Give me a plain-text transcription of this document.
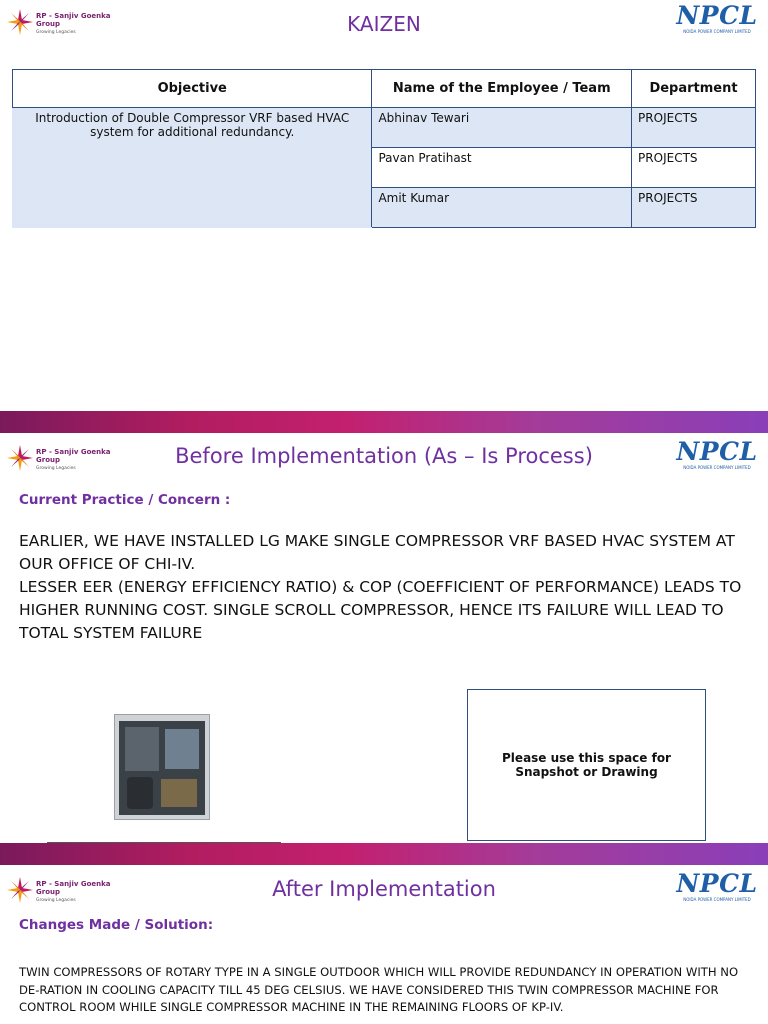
RP - Sanjiv Goenka Group
Growing Legacies	KAIZEN	NPCL
NOIDA POWER COMPANY LIMITED
Objective	Name of the Employee / Team	Department
Introduction of Double Compressor VRF based HVAC system for additional redundancy.	Abhinav Tewari	PROJECTS
	Pavan Pratihast	PROJECTS
	Amit Kumar	PROJECTS
RP - Sanjiv Goenka Group
Growing Legacies
Before Implementation (As – Is Process)	NPCL
NOIDA POWER COMPANY LIMITED
Current Practice / Concern :
EARLIER, WE HAVE INSTALLED LG MAKE SINGLE COMPRESSOR VRF BASED HVAC SYSTEM AT OUR OFFICE OF CHI-IV.
LESSER EER (ENERGY EFFICIENCY RATIO) & COP (COEFFICIENT OF PERFORMANCE) LEADS TO HIGHER RUNNING COST. SINGLE SCROLL COMPRESSOR, HENCE ITS FAILURE WILL LEAD TO TOTAL SYSTEM FAILURE
Please use this space for Snapshot or Drawing
RP - Sanjiv Goenka Group
Growing Legacies	After Implementation	NPCL
NOIDA POWER COMPANY LIMITED
Changes Made / Solution:
TWIN COMPRESSORS OF ROTARY TYPE IN A SINGLE OUTDOOR WHICH WILL PROVIDE REDUNDANCY IN OPERATION WITH NO DE-RATION IN COOLING CAPACITY TILL 45 DEG CELSIUS. WE HAVE CONSIDERED THIS TWIN COMPRESSOR MACHINE FOR CONTROL ROOM WHILE SINGLE COMPRESSOR MACHINE IN THE REMAINING FLOORS OF KP-IV.
